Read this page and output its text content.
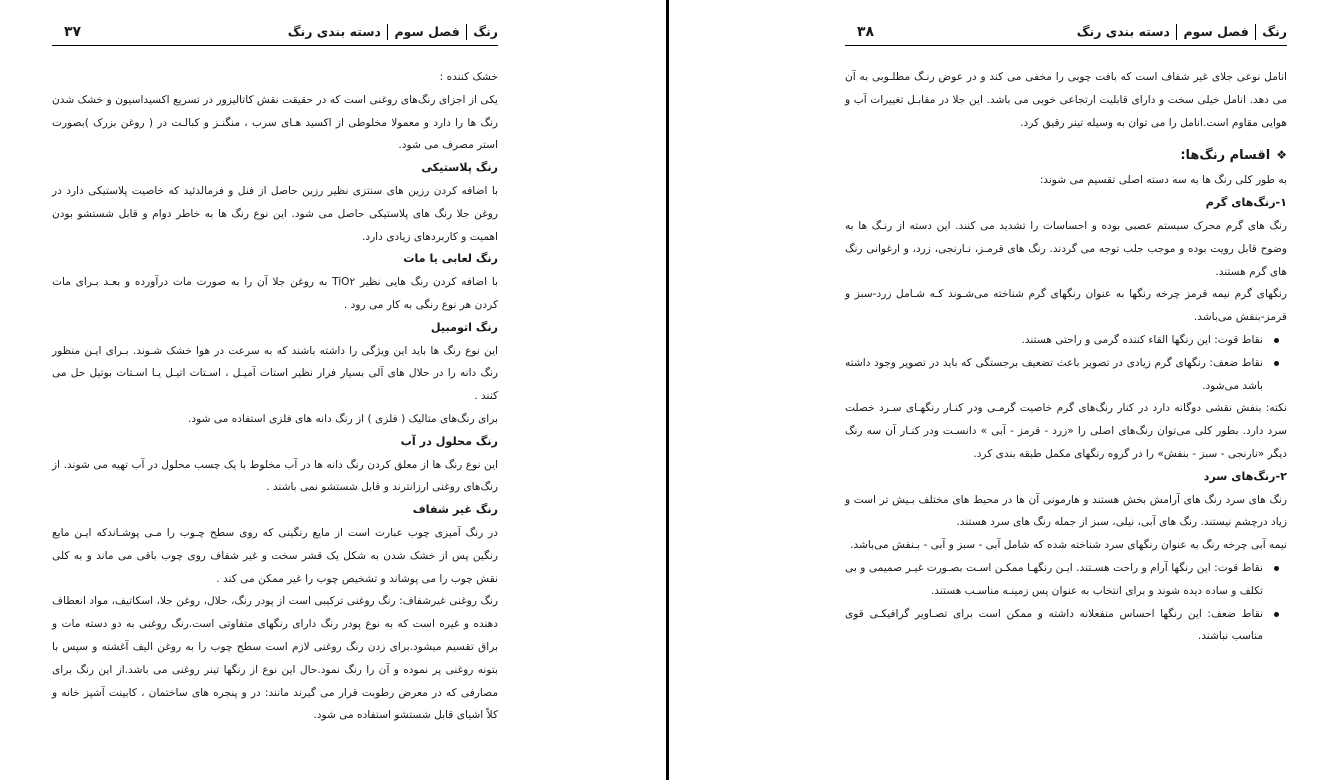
رنگفصل سومدسته بندی رنگ
۳۷

خشک کننده :

یکی از اجزای رنگ‌های روغنی است که در حقیقت نقش کاتالیزور در تسریع اکسیداسیون و خشک شدن رنگ ها را دارد و معمولا مخلوطی از اکسید هـای سرب ، منگنـز و کبالـت در ( روغن بزرک )بصورت استر مصرف می شود.

رنگ پلاستیکی

با اضافه کردن رزین های سنتزی نظیر رزین حاصل از فنل و فرمالدئید که خاصیت پلاستیکی دارد در روغن جلا رنگ های پلاستیکی حاصل می شود. این نوع رنگ ها به خاطر دوام و قابل شستشو بودن اهمیت و کاربردهای زیادی دارد.

رنگ لعابی یا مات

با اضافه کردن رنگ هایی نظیر TiO۲ به روغن جلا آن را به صورت مات درآورده و بعـد بـرای مات کردن هر نوع رنگی به کار می رود .

رنگ اتومبیل

این نوع رنگ ها باید این ویژگی را داشته باشند که به سرعت در هوا خشک شـوند. بـرای ایـن منظور رنگ دانه را در حلال های آلی بسیار فرار نظیر استات آمیـل ، اسـتات اتیـل یـا اسـتات بوتیل حل می کنند .

برای رنگ‌های متالیک ( فلزی ) از رنگ دانه های فلزی استفاده می شود.

رنگ محلول در آب

این نوع رنگ ها از معلق کردن رنگ دانه ها در آب مخلوط با یک چسب محلول در آب تهیه می شوند. از رنگ‌های روغنی ارزانترند و قابل شستشو نمی باشند .

رنگ غیر شفاف

در رنگ آمیزی چوب عبارت است از مایع رنگینی که روی سطح چـوب را مـی پوشـاندکه ایـن مایع رنگین پس از خشک شدن به شکل یک قشر سخت و غیر شفاف روی چوب باقی می ماند و به کلی نقش چوب را می پوشاند و تشخیص چوب را غیر ممکن می کند .

رنگ روغنی غیرشفاف: رنگ روغنی ترکیبی است از پودر رنگ، حلال، روغن جلا، اسکاتیف، مواد انعطاف دهنده و غیره است که به نوع پودر رنگ دارای رنگهای متفاوتی است.رنگ روغنی به دو دسته مات و براق تقسیم میشود.برای زدن رنگ روغنی لازم است سطح چوب را به روغن الیف آغشته و سپس با بتونه روغنی پر نموده و آن را رنگ نمود.حال این نوع از رنگها تینر روغنی می باشد.از این رنگ برای مصارفی که در معرض رطوبت قرار می گیرند مانند: در و پنجره های ساختمان ، کابینت آشپز خانه و کلاً اشیای قابل شستشو استفاده می شود.

رنگفصل سومدسته بندی رنگ
۳۸

انامل نوعی جلای غیر شفاف است که بافت چوبی را مخفی می کند و در عوض رنـگ مطلـوبی به آن می دهد. انامل خیلی سخت و دارای قابلیت ارتجاعی خوبی می باشد. این جلا در مقابـل تغییرات آب و هوایی مقاوم است.انامل را می توان به وسیله تینر رقیق کرد.

❖اقسام رنگ‌ها:

به طور کلی رنگ ها به سه دسته اصلی تقسیم می شوند:

۱-رنگ‌های گرم

رنگ های گرم محرک سیستم عصبی بوده و احساسات را تشدید می کنند. این دسته از رنـگ ها به وضوح قابل رویت بوده و موجب جلب توجه می گردند. رنگ های قرمـز، نـارنجی، زرد، و ارغوانی رنگ های گرم هستند.

رنگهای گرم نیمه قرمز چرخه رنگها به عنوان رنگهای گرم شناخته می‌شـوند کـه شـامل زرد-سبز و قرمز-بنفش می‌باشد.

نقاط قوت: این رنگها القاء کننده گرمی و راحتی هستند.
نقاط ضعف: رنگهای گرم زیادی در تصویر باعث تضعیف برجستگی که باید در تصویر وجود داشته باشد می‌شود.

نکته: بنفش نقشی دوگانه دارد در کنار رنگ‌های گرم خاصیت گرمـی ودر کنـار رنگهـای سـرد خصلت سرد دارد. بطور کلی می‌توان رنگ‌های اصلی را «زرد - قرمز - آبی » دانسـت ودر کنـار آن سه رنگ دیگر «نارنجی - سبز - بنفش» را در گروه رنگهای مکمل طبقه بندی کرد.

۲-رنگ‌های سرد

رنگ های سرد رنگ های آرامش بخش هستند و هارمونی آن ها در محیط های مختلف بـیش تر است و زیاد درچشم نیستند. رنگ های آبی، نیلی، سبز از جمله رنگ های سرد هستند.

نیمه آبی چرخه رنگ به عنوان رنگهای سرد شناخته شده که شامل آبی - سبز و آبی - بـنفش می‌باشد.

نقاط قوت: این رنگها آرام و راحت هسـتند. ایـن رنگهـا ممکـن اسـت بصـورت غیـر صمیمی و بی تکلف و ساده دیده شوند و برای انتخاب به عنوان پس زمینـه مناسـب هستند.
نقاط ضعف: این رنگها احساس منفعلانه داشته و ممکن است برای تصـاویر گرافیکـی قوی مناسب نباشند.
